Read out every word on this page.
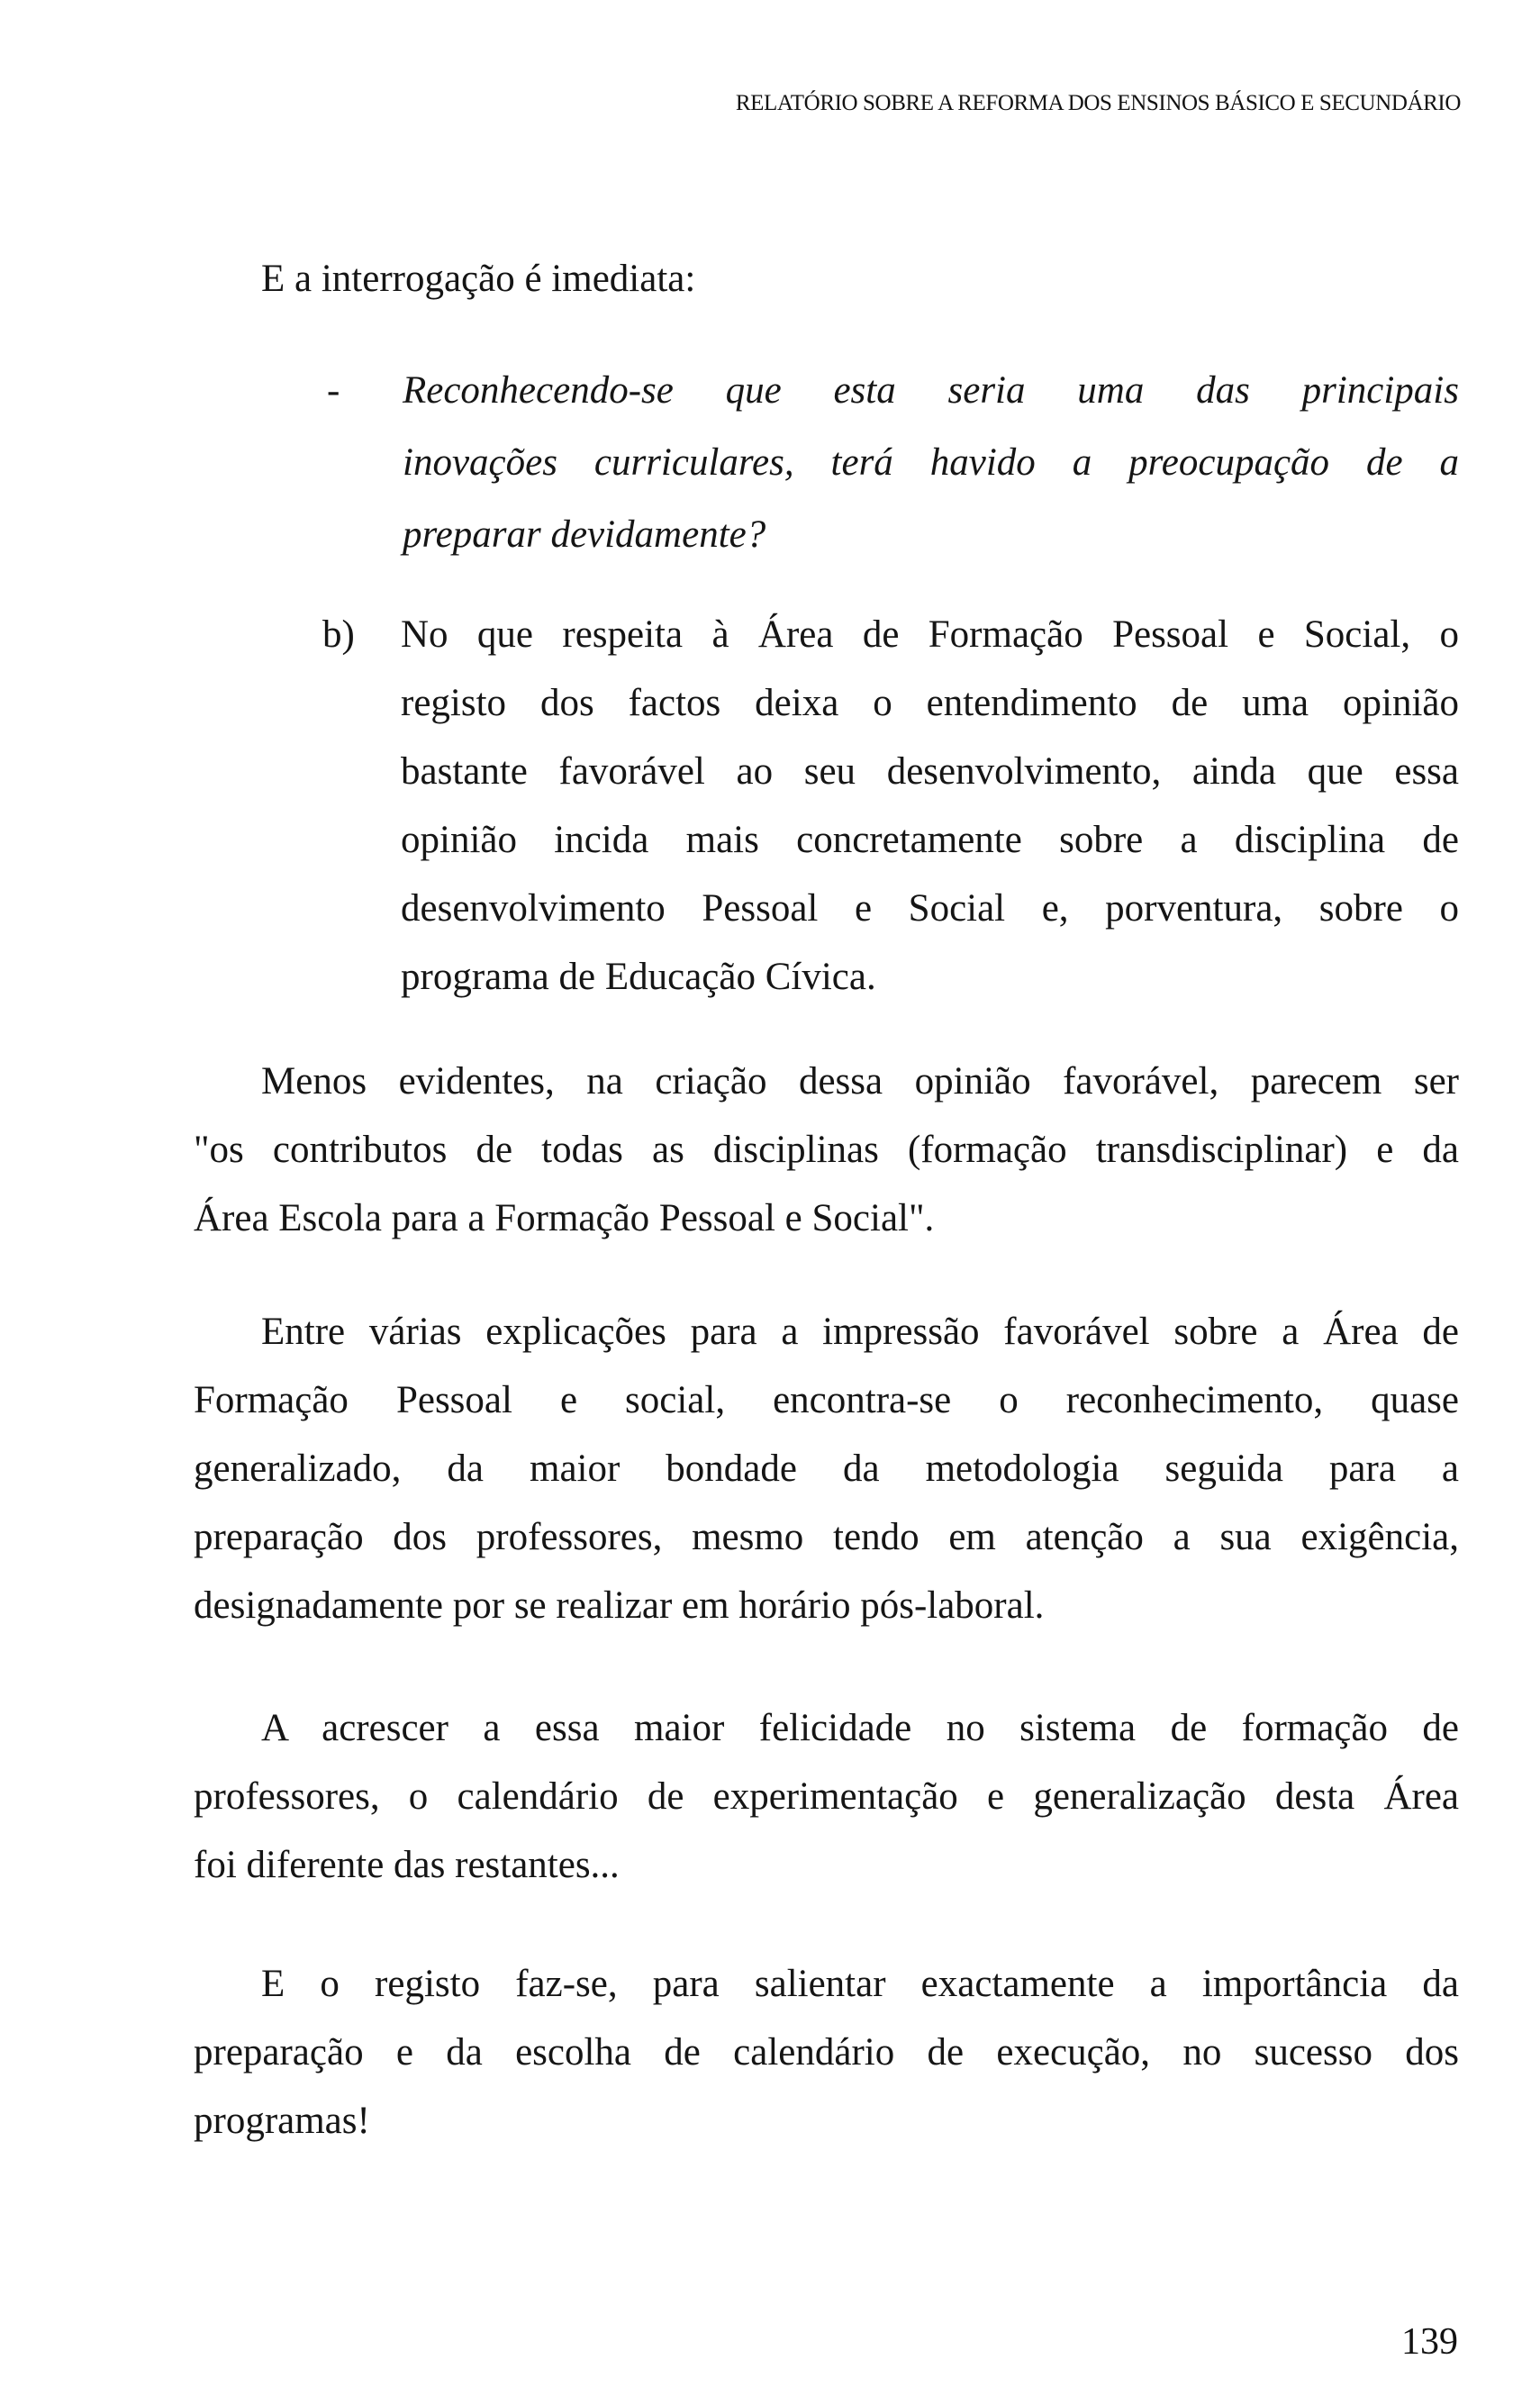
RELATÓRIO SOBRE A REFORMA DOS ENSINOS BÁSICO E SECUNDÁRIO
E a interrogação é imediata:
- Reconhecendo-se que esta seria uma das principais
inovações curriculares, terá havido a preocupação de a
preparar devidamente?
b) No que respeita à Área de Formação Pessoal e Social, o
registo dos factos deixa o entendimento de uma opinião
bastante favorável ao seu desenvolvimento, ainda que essa
opinião incida mais concretamente sobre a disciplina de
desenvolvimento Pessoal e Social e, porventura, sobre o
programa de Educação Cívica.
Menos evidentes, na criação dessa opinião favorável, parecem ser
"os contributos de todas as disciplinas (formação transdisciplinar) e da
Área Escola para a Formação Pessoal e Social".
Entre várias explicações para a impressão favorável sobre a Área de
Formação Pessoal e social, encontra-se o reconhecimento, quase
generalizado, da maior bondade da metodologia seguida para a
preparação dos professores, mesmo tendo em atenção a sua exigência,
designadamente por se realizar em horário pós-laboral.
A acrescer a essa maior felicidade no sistema de formação de
professores, o calendário de experimentação e generalização desta Área
foi diferente das restantes...
E o registo faz-se, para salientar exactamente a importância da
preparação e da escolha de calendário de execução, no sucesso dos
programas!
139
